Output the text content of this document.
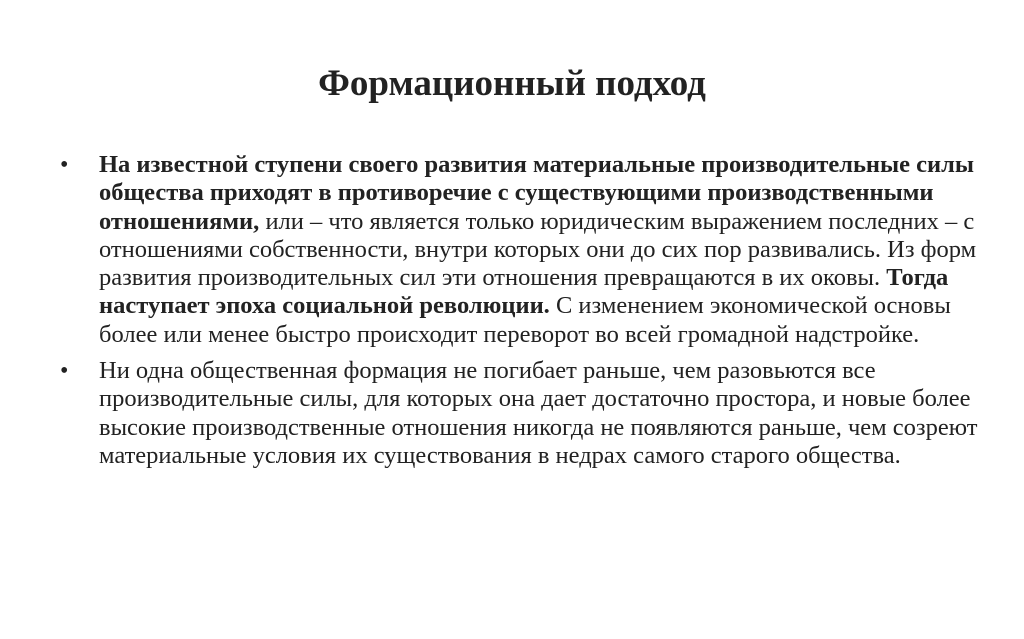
Формационный подход
• На известной ступени своего развития материальные производительные силы общества приходят в противоречие с существующими производственными отношениями, или – что является только юридическим выражением последних – с отношениями собственности, внутри которых они до сих пор развивались. Из форм развития производительных сил эти отношения превращаются в их оковы. Тогда наступает эпоха социальной революции. С изменением экономической основы более или менее быстро происходит переворот во всей громадной надстройке.
• Ни одна общественная формация не погибает раньше, чем разовьются все производительные силы, для которых она дает достаточно простора, и новые более высокие производственные отношения никогда не появляются раньше, чем созреют материальные условия их существования в недрах самого старого общества.
